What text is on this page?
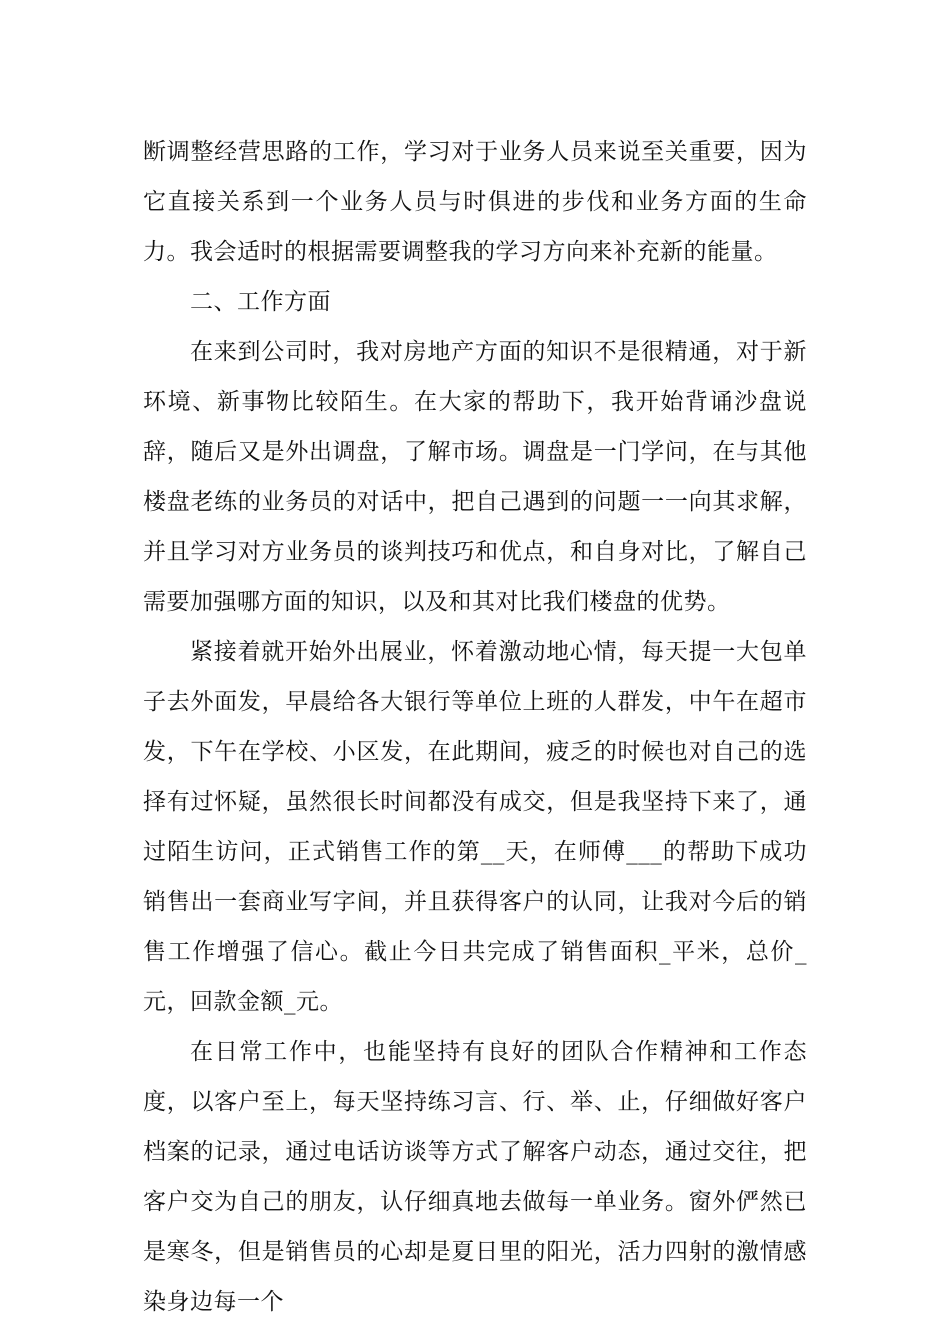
断调整经营思路的工作，学习对于业务人员来说至关重要，因为它直接关系到一个业务人员与时俱进的步伐和业务方面的生命力。我会适时的根据需要调整我的学习方向来补充新的能量。

二、工作方面

在来到公司时，我对房地产方面的知识不是很精通，对于新环境、新事物比较陌生。在大家的帮助下，我开始背诵沙盘说辞，随后又是外出调盘，了解市场。调盘是一门学问，在与其他楼盘老练的业务员的对话中，把自己遇到的问题一一向其求解，并且学习对方业务员的谈判技巧和优点，和自身对比，了解自己需要加强哪方面的知识，以及和其对比我们楼盘的优势。

紧接着就开始外出展业，怀着激动地心情，每天提一大包单子去外面发，早晨给各大银行等单位上班的人群发，中午在超市发，下午在学校、小区发，在此期间，疲乏的时候也对自己的选择有过怀疑，虽然很长时间都没有成交，但是我坚持下来了，通过陌生访问，正式销售工作的第__天，在师傅___的帮助下成功销售出一套商业写字间，并且获得客户的认同，让我对今后的销售工作增强了信心。截止今日共完成了销售面积_平米，总价_元，回款金额_元。

在日常工作中，也能坚持有良好的团队合作精神和工作态度，以客户至上，每天坚持练习言、行、举、止，仔细做好客户档案的记录，通过电话访谈等方式了解客户动态，通过交往，把客户交为自己的朋友，认仔细真地去做每一单业务。窗外俨然已是寒冬，但是销售员的心却是夏日里的阳光，活力四射的激情感染身边每一个
